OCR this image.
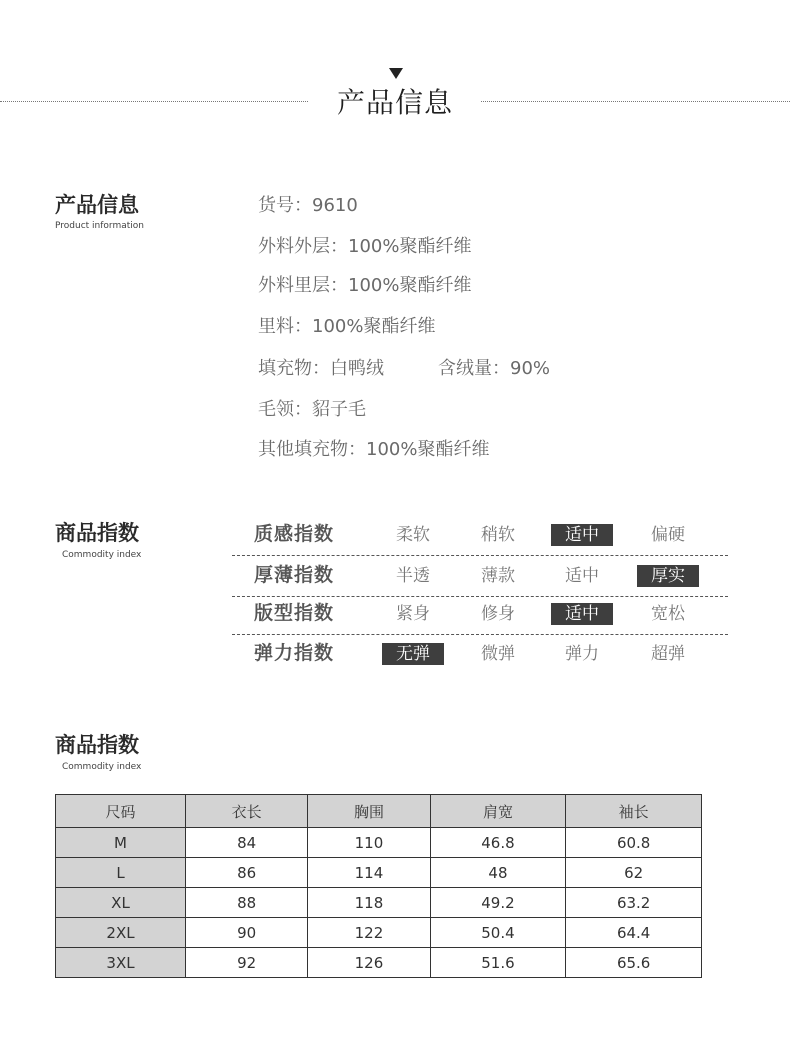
产品信息
产品信息
Product information
货号：9610
外料外层：100%聚酯纤维
外料里层：100%聚酯纤维
里料：100%聚酯纤维
填充物：白鸭绒	含绒量：90%
毛领：貂子毛
其他填充物：100%聚酯纤维
商品指数
Commodity index
质感指数	柔软	稍软	适中	偏硬
厚薄指数	半透	薄款	适中	厚实
版型指数	紧身	修身	适中	宽松
弹力指数	无弹	微弹	弹力	超弹
商品指数
Commodity index
尺码	衣长	胸围	肩宽	袖长
M	84	110	46.8	60.8
L	86	114	48	62
XL	88	118	49.2	63.2
2XL	90	122	50.4	64.4
3XL	92	126	51.6	65.6
